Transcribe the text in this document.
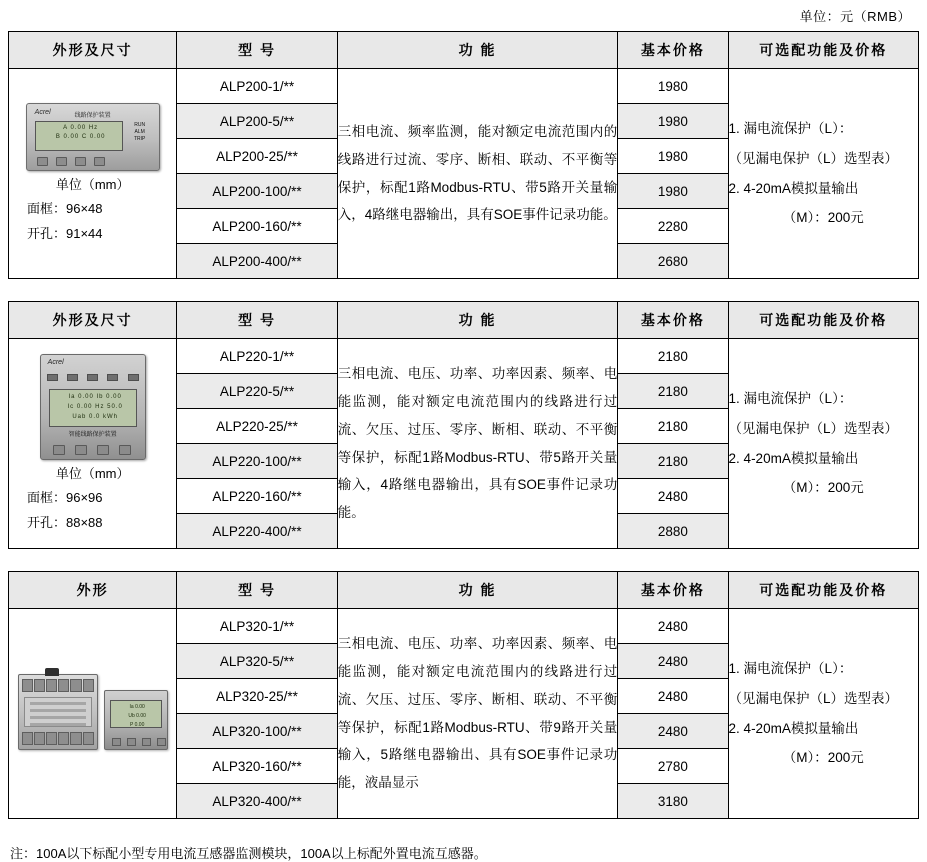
单位：元（RMB）
外形及尺寸	型 号	功 能	基本价格	可选配功能及价格

Acrel	线路保护装置
A 0.00 Hz
B 0.00 C 0.00
RUN
ALM
TRIP
单位（mm）
面框：96×48
开孔：91×44
	ALP200-1/**	三相电流、频率监测，能对额定电流范围内的线路进行过流、零序、断相、联动、不平衡等保护，标配1路Modbus-RTU、带5路开关量输入，4路继电器输出，具有SOE事件记录功能。	1980	
1. 漏电流保护（L）：
（见漏电保护（L）选型表）
2. 4-20mA模拟量输出
（M）：200元

	ALP200-5/**		1980	
	ALP200-25/**		1980	
	ALP200-100/**		1980	
	ALP200-160/**		2280	
	ALP200-400/**		2680	
外形及尺寸	型 号	功 能	基本价格	可选配功能及价格

Acrel
Ia 0.00 Ib 0.00
Ic 0.00 Hz 50.0
Uab 0.0 kWh
智能线路保护装置
单位（mm）
面框：96×96
开孔：88×88
	ALP220-1/**	三相电流、电压、功率、功率因素、频率、电能监测，能对额定电流范围内的线路进行过流、欠压、过压、零序、断相、联动、不平衡等保护，标配1路Modbus-RTU、带5路开关量输入，4路继电器输出，具有SOE事件记录功能。	2180	
1. 漏电流保护（L）：
（见漏电保护（L）选型表）
2. 4-20mA模拟量输出
（M）：200元

	ALP220-5/**		2180	
	ALP220-25/**		2180	
	ALP220-100/**		2180	
	ALP220-160/**		2480	
	ALP220-400/**		2880	
外形	型 号	功 能	基本价格	可选配功能及价格

Ia 0.00
Ub 0.00
P 0.00
	ALP320-1/**	三相电流、电压、功率、功率因素、频率、电能监测，能对额定电流范围内的线路进行过流、欠压、过压、零序、断相、联动、不平衡等保护，标配1路Modbus-RTU、带9路开关量输入，5路继电器输出、具有SOE事件记录功能，液晶显示	2480	
1. 漏电流保护（L）：
（见漏电保护（L）选型表）
2. 4-20mA模拟量输出
（M）：200元

	ALP320-5/**		2480	
	ALP320-25/**		2480	
	ALP320-100/**		2480	
	ALP320-160/**		2780	
	ALP320-400/**		3180	
注：100A以下标配小型专用电流互感器监测模块，100A以上标配外置电流互感器。
